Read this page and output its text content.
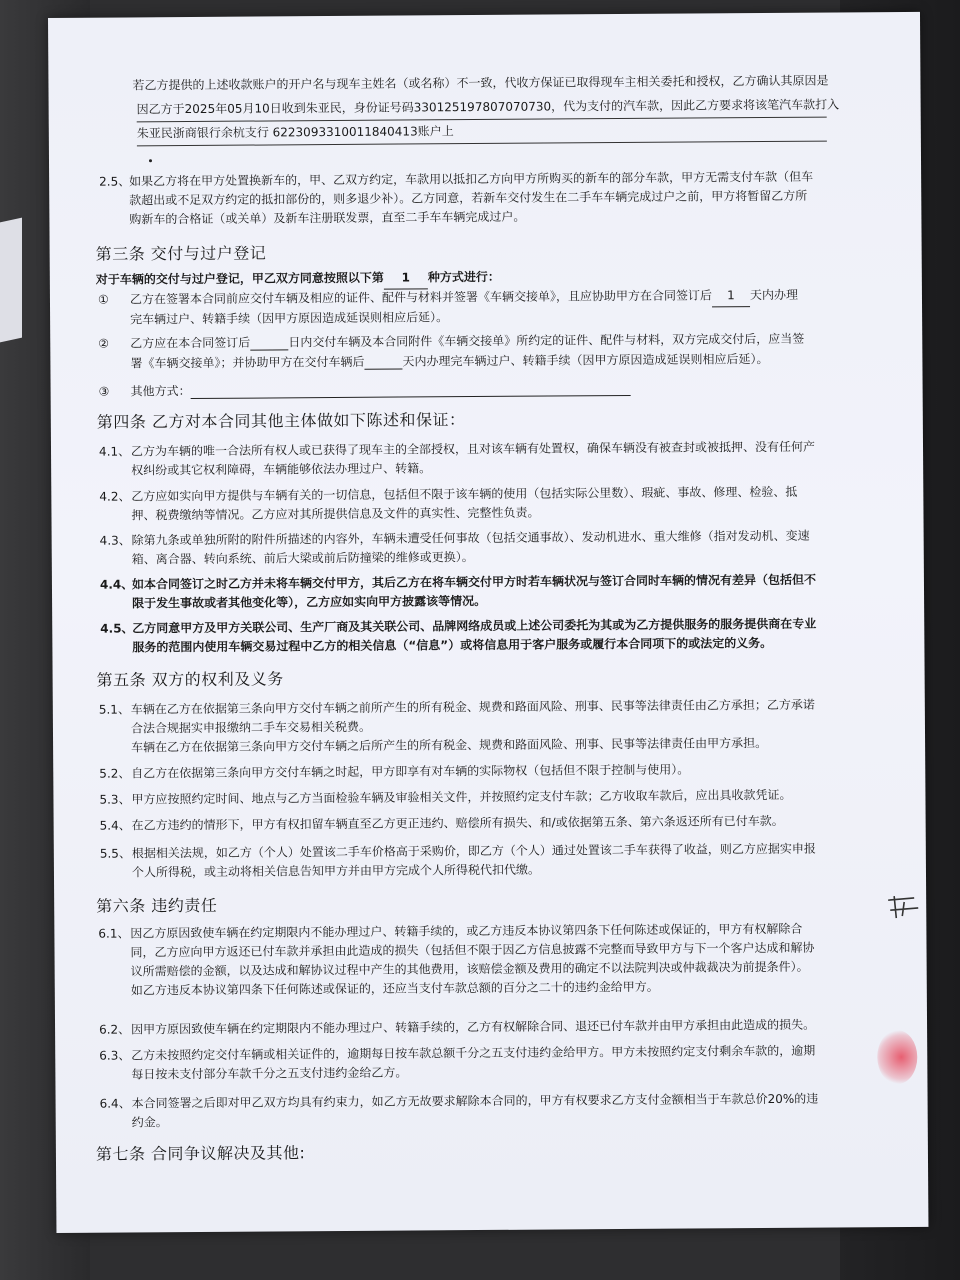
若乙方提供的上述收款账户的开户名与现车主姓名（或名称）不一致，代收方保证已取得现车主相关委托和授权，乙方确认其原因是
因乙方于2025年05月10日收到朱亚民，身份证号码330125197807070730，代为支付的汽车款，因此乙方要求将该笔汽车款打入
朱亚民浙商银行余杭支行 6223093310011840413账户上
2.5、
如果乙方将在甲方处置换新车的，甲、乙双方约定，车款用以抵扣乙方向甲方所购买的新车的部分车款，甲方无需支付车款（但车
款超出或不足双方约定的抵扣部份的，则多退少补）。乙方同意，若新车交付发生在二手车车辆完成过户之前，甲方将暂留乙方所
购新车的合格证（或关单）及新车注册联发票，直至二手车车辆完成过户。
第三条 交付与过户登记
对于车辆的交付与过户登记，甲乙双方同意按照以下第 1 种方式进行：
① 乙方在签署本合同前应交付车辆及相应的证件、配件与材料并签署《车辆交接单》，且应协助甲方在合同签订后 1 天内办理
完车辆过户、转籍手续（因甲方原因造成延误则相应后延）。
② 乙方应在本合同签订后	日内交付车辆及本合同附件《车辆交接单》所约定的证件、配件与材料，双方完成交付后，应当签
署《车辆交接单》；并协助甲方在交付车辆后	天内办理完车辆过户、转籍手续（因甲方原因造成延误则相应后延）。
③ 其他方式：
第四条 乙方对本合同其他主体做如下陈述和保证：
4.1、 乙方为车辆的唯一合法所有权人或已获得了现车主的全部授权，且对该车辆有处置权，确保车辆没有被查封或被抵押、没有任何产
权纠纷或其它权利障碍，车辆能够依法办理过户、转籍。
4.2、 乙方应如实向甲方提供与车辆有关的一切信息，包括但不限于该车辆的使用（包括实际公里数）、瑕疵、事故、修理、检验、抵
押、税费缴纳等情况。乙方应对其所提供信息及文件的真实性、完整性负责。
4.3、 除第九条或单独所附的附件所描述的内容外，车辆未遭受任何事故（包括交通事故）、发动机进水、重大维修（指对发动机、变速
箱、离合器、转向系统、前后大梁或前后防撞梁的维修或更换）。
4.4、
如本合同签订之时乙方并未将车辆交付甲方，其后乙方在将车辆交付甲方时若车辆状况与签订合同时车辆的情况有差异（包括但不
限于发生事故或者其他变化等），乙方应如实向甲方披露该等情况。
4.5、
乙方同意甲方及甲方关联公司、生产厂商及其关联公司、品牌网络成员或上述公司委托为其或为乙方提供服务的服务提供商在专业
服务的范围内使用车辆交易过程中乙方的相关信息（“信息”）或将信息用于客户服务或履行本合同项下的或法定的义务。
第五条 双方的权利及义务
5.1、 车辆在乙方在依据第三条向甲方交付车辆之前所产生的所有税金、规费和路面风险、刑事、民事等法律责任由乙方承担；乙方承诺
合法合规据实申报缴纳二手车交易相关税费。
车辆在乙方在依据第三条向甲方交付车辆之后所产生的所有税金、规费和路面风险、刑事、民事等法律责任由甲方承担。
5.2、 自乙方在依据第三条向甲方交付车辆之时起，甲方即享有对车辆的实际物权（包括但不限于控制与使用）。
5.3、 甲方应按照约定时间、地点与乙方当面检验车辆及审验相关文件，并按照约定支付车款；乙方收取车款后，应出具收款凭证。
5.4、 在乙方违约的情形下，甲方有权扣留车辆直至乙方更正违约、赔偿所有损失、和/或依据第五条、第六条返还所有已付车款。
5.5、 根据相关法规，如乙方（个人）处置该二手车价格高于采购价，即乙方（个人）通过处置该二手车获得了收益，则乙方应据实申报
个人所得税，或主动将相关信息告知甲方并由甲方完成个人所得税代扣代缴。
第六条 违约责任
6.1、 因乙方原因致使车辆在约定期限内不能办理过户、转籍手续的，或乙方违反本协议第四条下任何陈述或保证的，甲方有权解除合
同，乙方应向甲方返还已付车款并承担由此造成的损失（包括但不限于因乙方信息披露不完整而导致甲方与下一个客户达成和解协
议所需赔偿的金额，以及达成和解协议过程中产生的其他费用，该赔偿金额及费用的确定不以法院判决或仲裁裁决为前提条件）。
如乙方违反本协议第四条下任何陈述或保证的，还应当支付车款总额的百分之二十的违约金给甲方。
6.2、 因甲方原因致使车辆在约定期限内不能办理过户、转籍手续的，乙方有权解除合同、退还已付车款并由甲方承担由此造成的损失。
6.3、 乙方未按照约定交付车辆或相关证件的，逾期每日按车款总额千分之五支付违约金给甲方。甲方未按照约定支付剩余车款的，逾期
每日按未支付部分车款千分之五支付违约金给乙方。
6.4、 本合同签署之后即对甲乙双方均具有约束力，如乙方无故要求解除本合同的，甲方有权要求乙方支付金额相当于车款总价20%的违
约金。
第七条 合同争议解决及其他:
